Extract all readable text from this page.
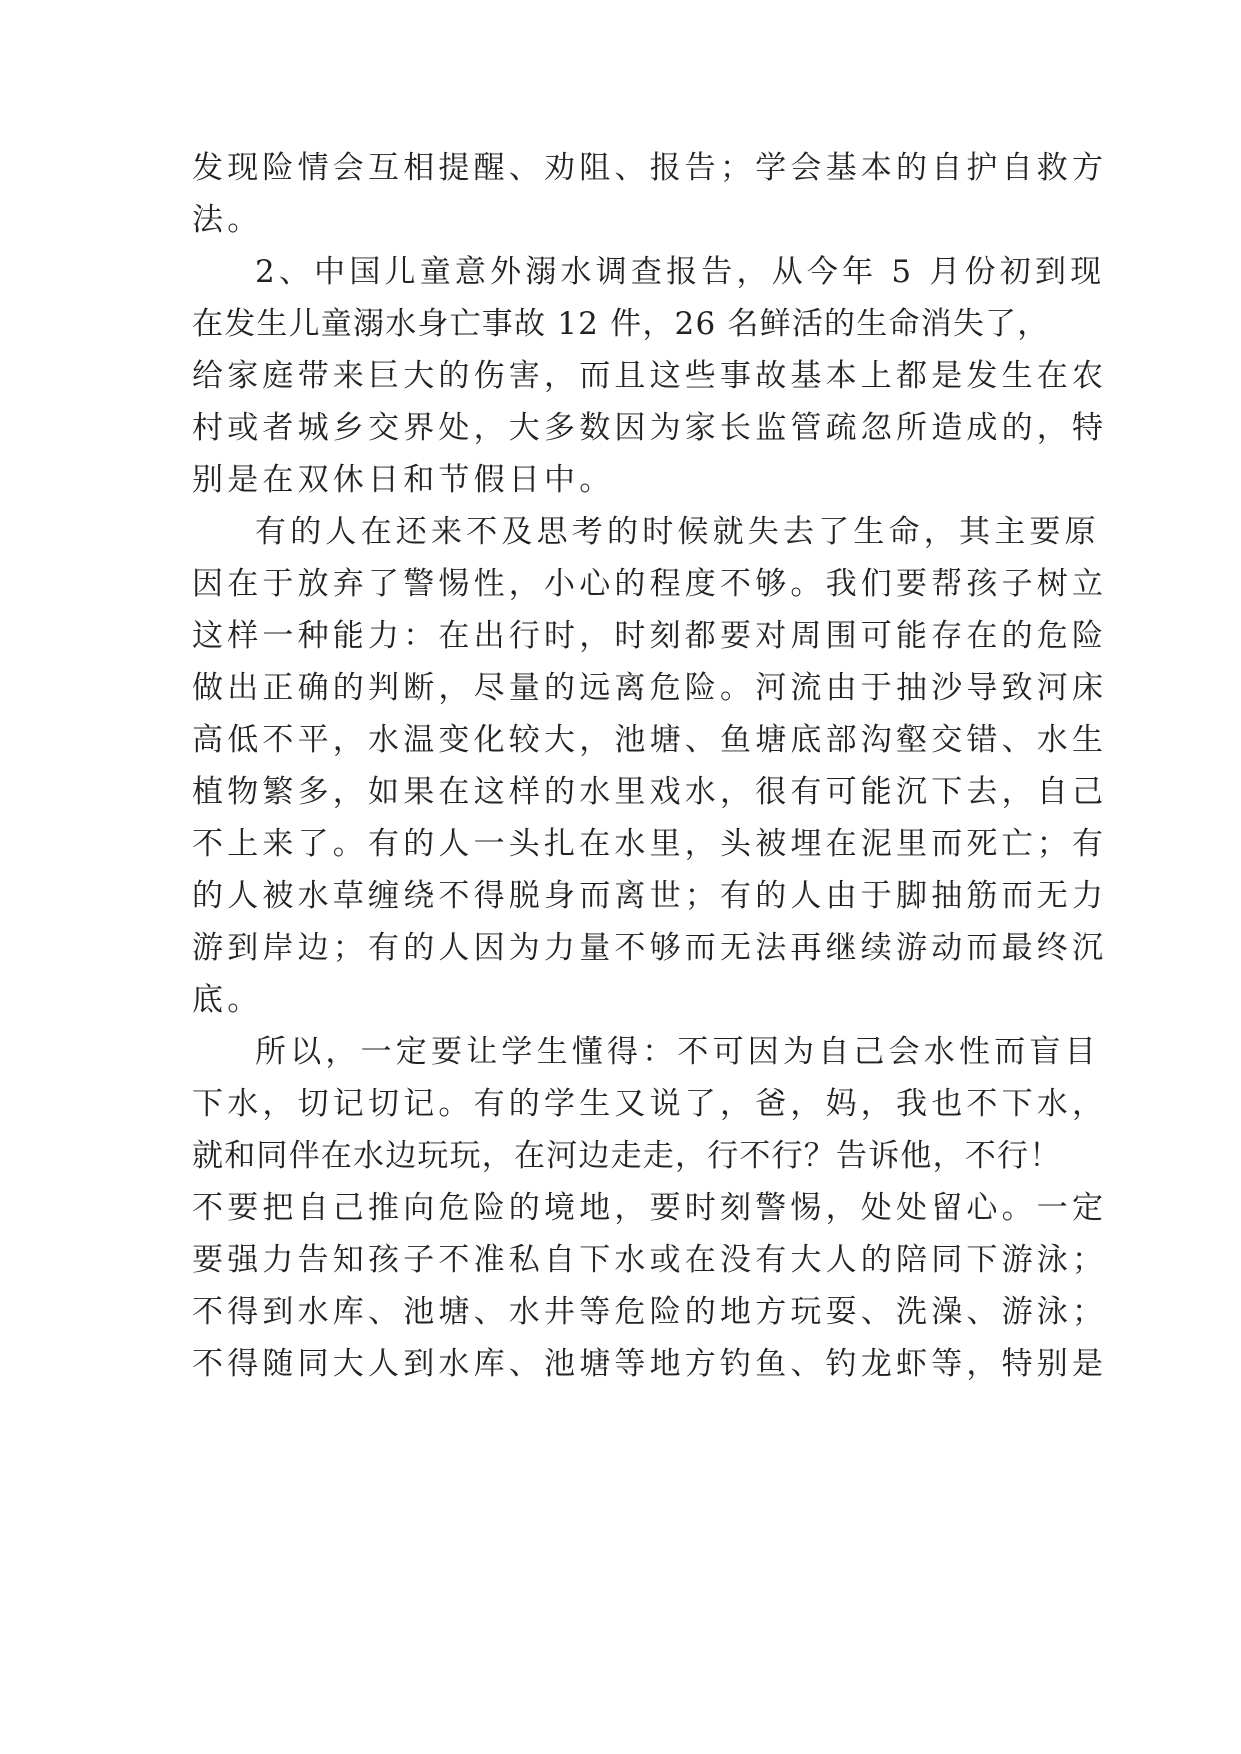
发现险情会互相提醒、劝阻、报告；学会基本的自护自救方
法。
2、中国儿童意外溺水调查报告，从今年 5 月份初到现
在发生儿童溺水身亡事故 12 件，26 名鲜活的生命消失了，
给家庭带来巨大的伤害，而且这些事故基本上都是发生在农
村或者城乡交界处，大多数因为家长监管疏忽所造成的，特
别是在双休日和节假日中。
有的人在还来不及思考的时候就失去了生命，其主要原
因在于放弃了警惕性，小心的程度不够。我们要帮孩子树立
这样一种能力：在出行时，时刻都要对周围可能存在的危险
做出正确的判断，尽量的远离危险。河流由于抽沙导致河床
高低不平，水温变化较大，池塘、鱼塘底部沟壑交错、水生
植物繁多，如果在这样的水里戏水，很有可能沉下去，自己
不上来了。有的人一头扎在水里，头被埋在泥里而死亡；有
的人被水草缠绕不得脱身而离世；有的人由于脚抽筋而无力
游到岸边；有的人因为力量不够而无法再继续游动而最终沉
底。
所以，一定要让学生懂得：不可因为自己会水性而盲目
下水，切记切记。有的学生又说了，爸，妈，我也不下水，
就和同伴在水边玩玩，在河边走走，行不行？告诉他，不行！
不要把自己推向危险的境地，要时刻警惕，处处留心。一定
要强力告知孩子不准私自下水或在没有大人的陪同下游泳；
不得到水库、池塘、水井等危险的地方玩耍、洗澡、游泳；
不得随同大人到水库、池塘等地方钓鱼、钓龙虾等，特别是
